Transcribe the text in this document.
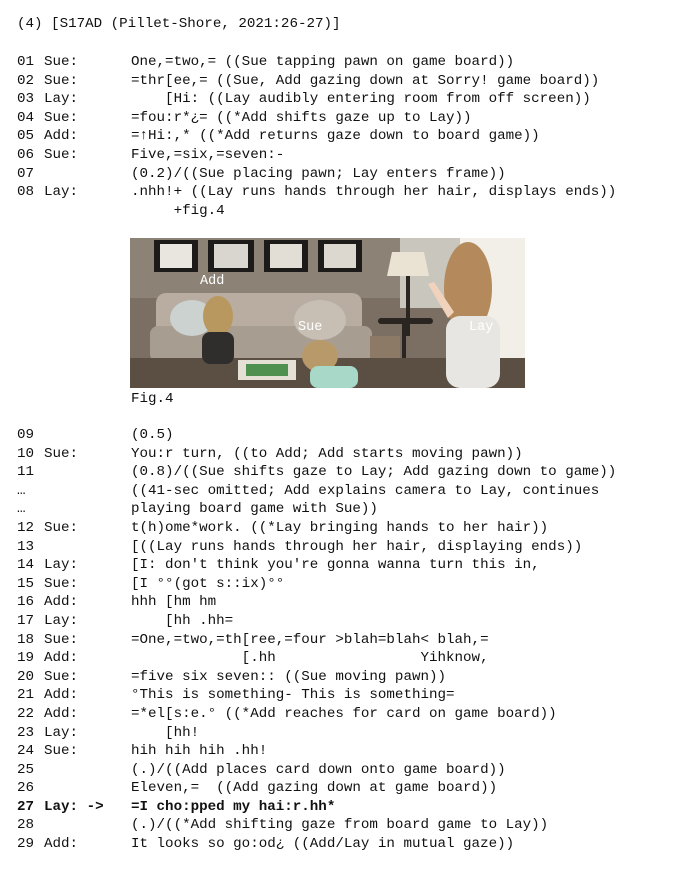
(4) [S17AD (Pillet-Shore, 2021:26-27)]
01 Sue:	One,=two,= ((Sue tapping pawn on game board))
02 Sue:	=thr[ee,= ((Sue, Add gazing down at Sorry! game board))
03 Lay:	[Hi: ((Lay audibly entering room from off screen))
04 Sue:	=fou:r*¿= ((*Add shifts gaze up to Lay))
05 Add:	=↑Hi:,* ((*Add returns gaze down to board game))
06 Sue:	Five,=six,=seven:-
07	(0.2)/((Sue placing pawn; Lay enters frame))
08 Lay:	.nhh!+ ((Lay runs hands through her hair, displays ends))
+fig.4
Add
Sue	Lay
Fig.4
09	(0.5)
10 Sue:	You:r turn, ((to Add; Add starts moving pawn))
11	(0.8)/((Sue shifts gaze to Lay; Add gazing down to game))
…	((41-sec omitted; Add explains camera to Lay, continues
…	playing board game with Sue))
12 Sue:	t(h)ome*work. ((*Lay bringing hands to her hair))
13	[((Lay runs hands through her hair, displaying ends))
14 Lay:	[I: don't think you're gonna wanna turn this in,
15 Sue:	[I °°(got s::ix)°°
16 Add:	hhh [hm hm
17 Lay:	[hh .hh=
18 Sue:	=One,=two,=th[ree,=four >blah=blah< blah,=
19 Add:	[.hh                 Yihknow,
20 Sue:	=five six seven:: ((Sue moving pawn))
21 Add:	°This is something- This is something=
22 Add:	=*el[s:e.° ((*Add reaches for card on game board))
23 Lay:	[hh!
24 Sue:	hih hih hih .hh!
25	(.)/((Add places card down onto game board))
26	Eleven,=  ((Add gazing down at game board))
27 Lay: -> =I cho:pped my hai:r.hh*
28	(.)/((*Add shifting gaze from board game to Lay))
29 Add:	It looks so go:od¿ ((Add/Lay in mutual gaze))
